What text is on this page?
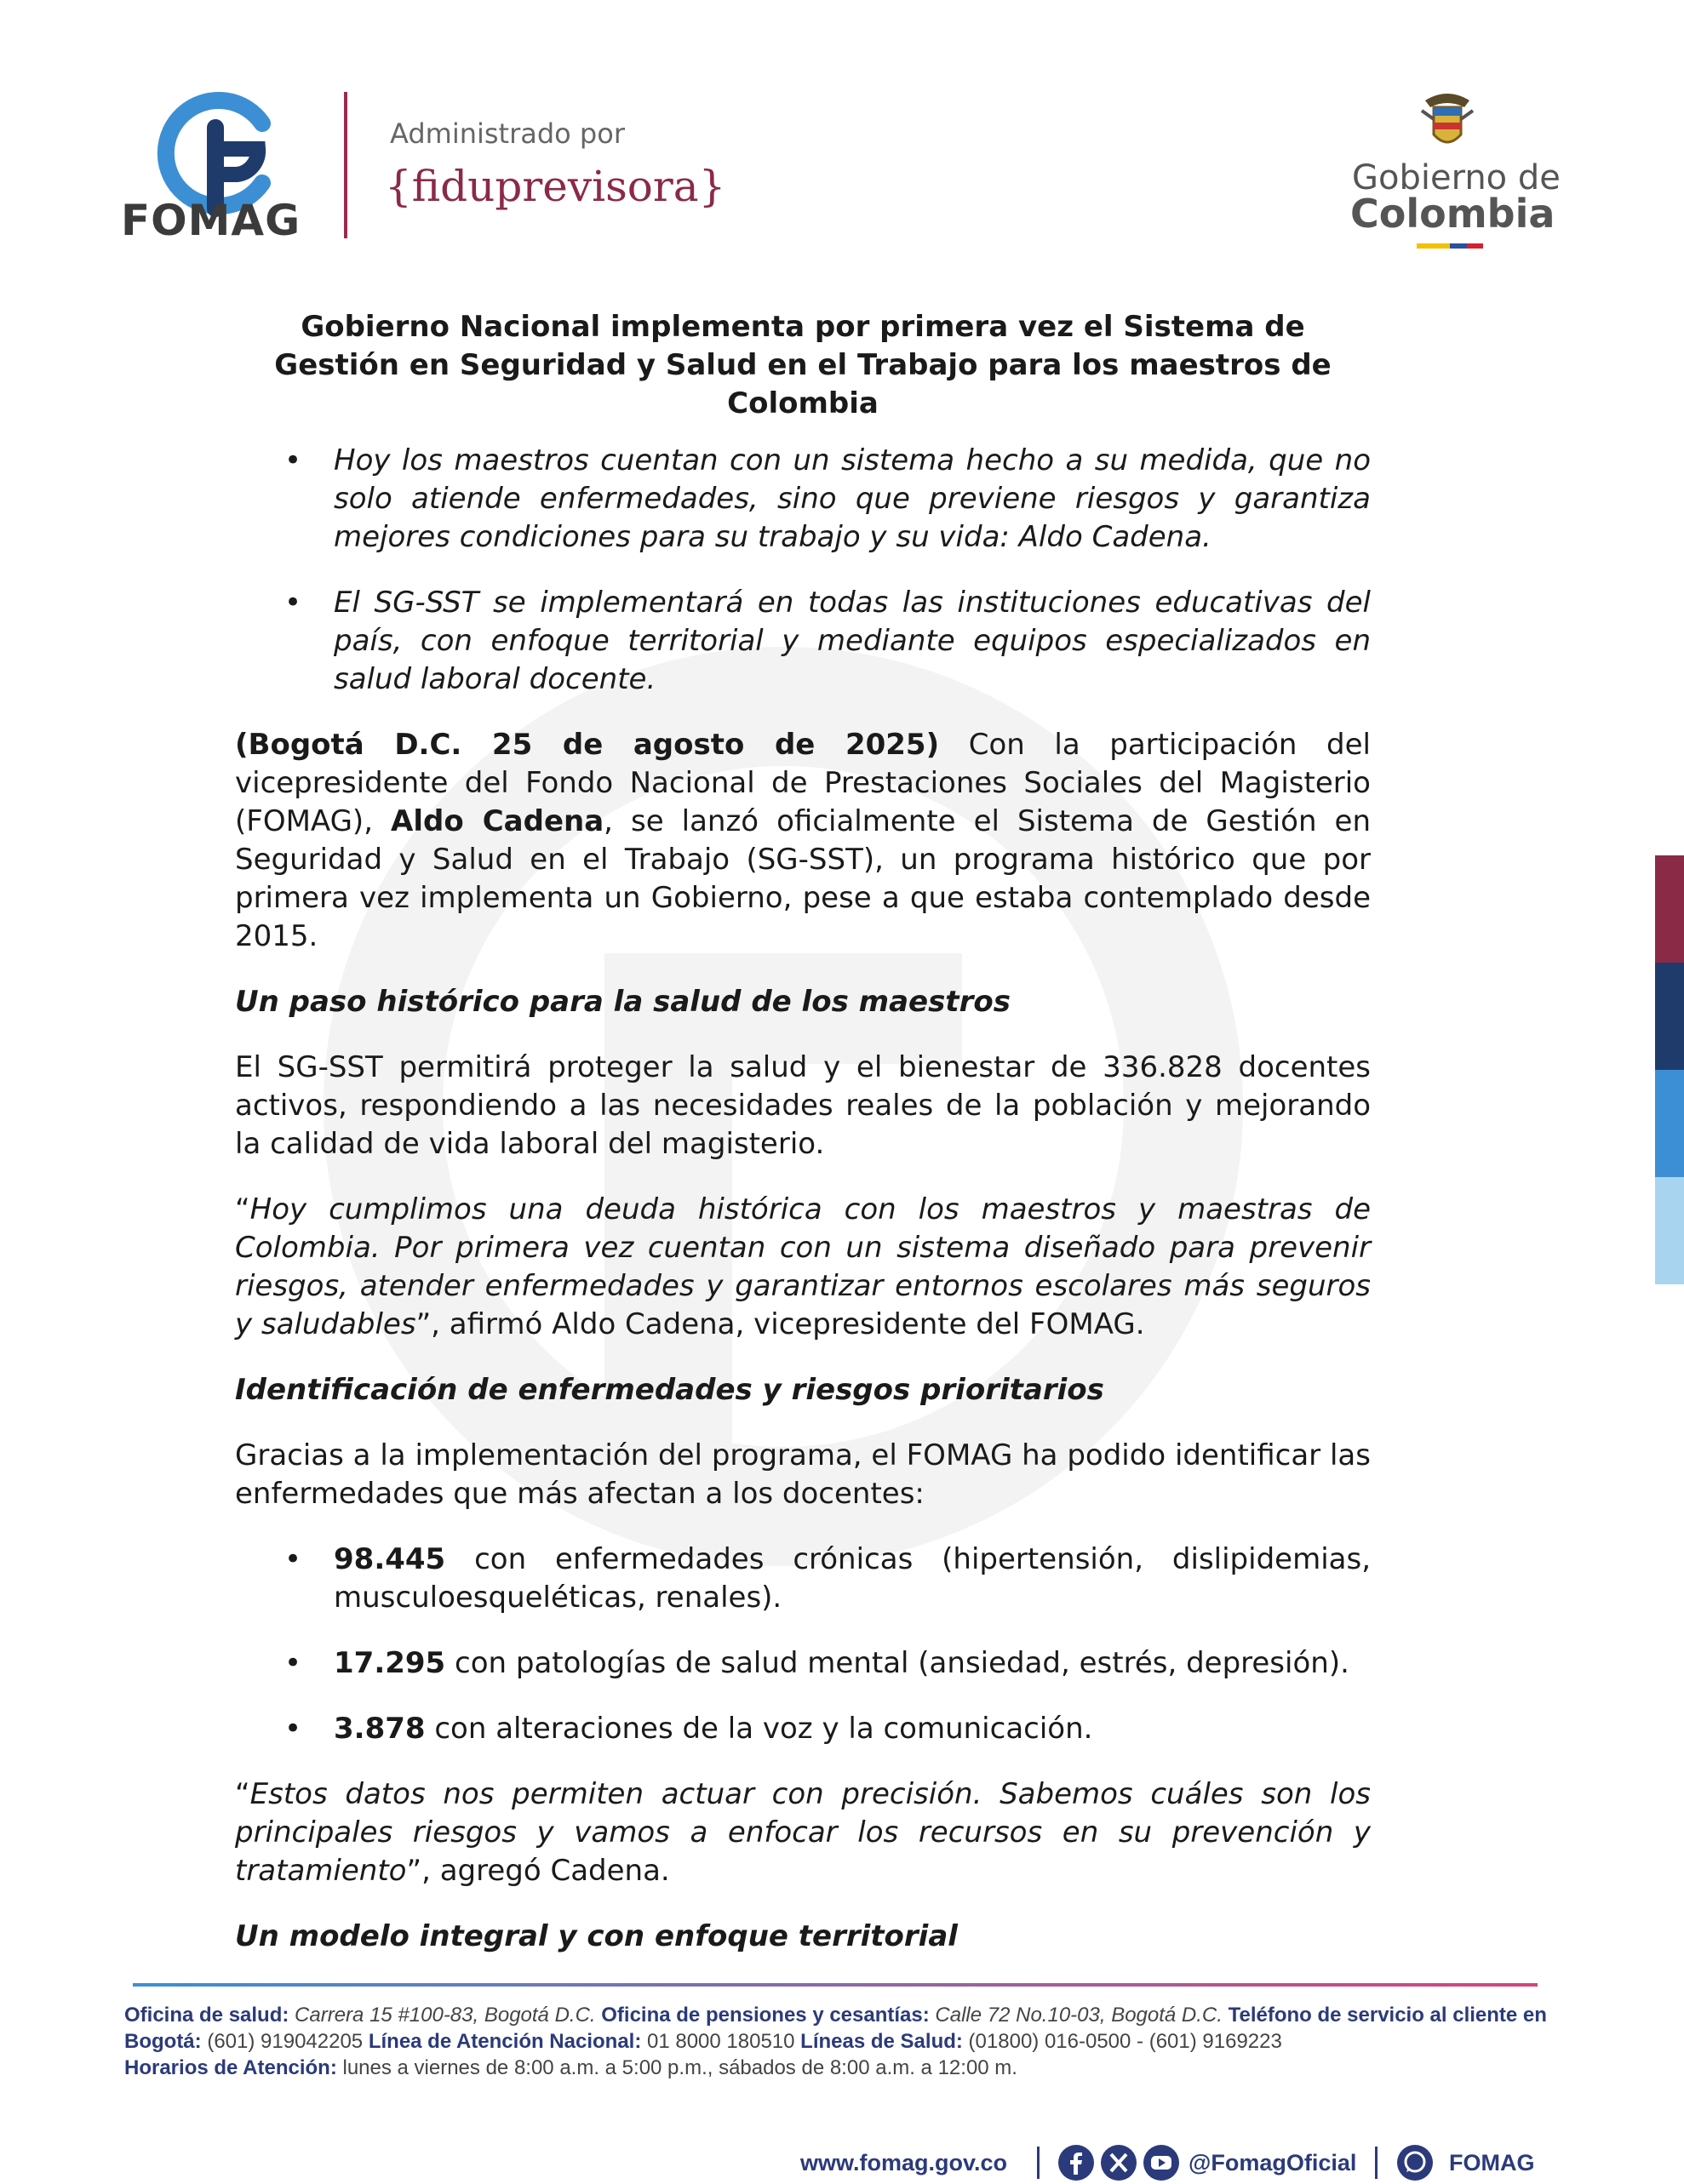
FOMAG
Administrado por
{fiduprevisora}	Gobierno de
Colombia
Gobierno Nacional implementa por primera vez el Sistema de Gestión en Seguridad y Salud en el Trabajo para los maestros de Colombia
• Hoy los maestros cuentan con un sistema hecho a su medida, que no solo atiende enfermedades, sino que previene riesgos y garantiza mejores condiciones para su trabajo y su vida: Aldo Cadena.
• El SG-SST se implementará en todas las instituciones educativas del país, con enfoque territorial y mediante equipos especializados en salud laboral docente.

(Bogotá D.C. 25 de agosto de 2025) Con la participación del vicepresidente del Fondo Nacional de Prestaciones Sociales del Magisterio (FOMAG), Aldo Cadena, se lanzó oficialmente el Sistema de Gestión en Seguridad y Salud en el Trabajo (SG-SST), un programa histórico que por primera vez implementa un Gobierno, pese a que estaba contemplado desde 2015.

Un paso histórico para la salud de los maestros

El SG-SST permitirá proteger la salud y el bienestar de 336.828 docentes activos, respondiendo a las necesidades reales de la población y mejorando la calidad de vida laboral del magisterio.

“Hoy cumplimos una deuda histórica con los maestros y maestras de Colombia. Por primera vez cuentan con un sistema diseñado para prevenir riesgos, atender enfermedades y garantizar entornos escolares más seguros y saludables”, afirmó Aldo Cadena, vicepresidente del FOMAG.

Identificación de enfermedades y riesgos prioritarios

Gracias a la implementación del programa, el FOMAG ha podido identificar las enfermedades que más afectan a los docentes:

• 98.445 con enfermedades crónicas (hipertensión, dislipidemias, musculoesqueléticas, renales).
• 17.295 con patologías de salud mental (ansiedad, estrés, depresión).
• 3.878 con alteraciones de la voz y la comunicación.

“Estos datos nos permiten actuar con precisión. Sabemos cuáles son los principales riesgos y vamos a enfocar los recursos en su prevención y tratamiento”, agregó Cadena.

Un modelo integral y con enfoque territorial
Oficina de salud: Carrera 15 #100-83, Bogotá D.C. Oficina de pensiones y cesantías: Calle 72 No.10-03, Bogotá D.C. Teléfono de servicio al cliente en Bogotá: (601) 919042205 Línea de Atención Nacional: 01 8000 180510 Líneas de Salud: (01800) 016-0500 - (601) 9169223
Horarios de Atención: lunes a viernes de 8:00 a.m. a 5:00 p.m., sábados de 8:00 a.m. a 12:00 m.
www.fomag.gov.co	@FomagOficial	FOMAG
